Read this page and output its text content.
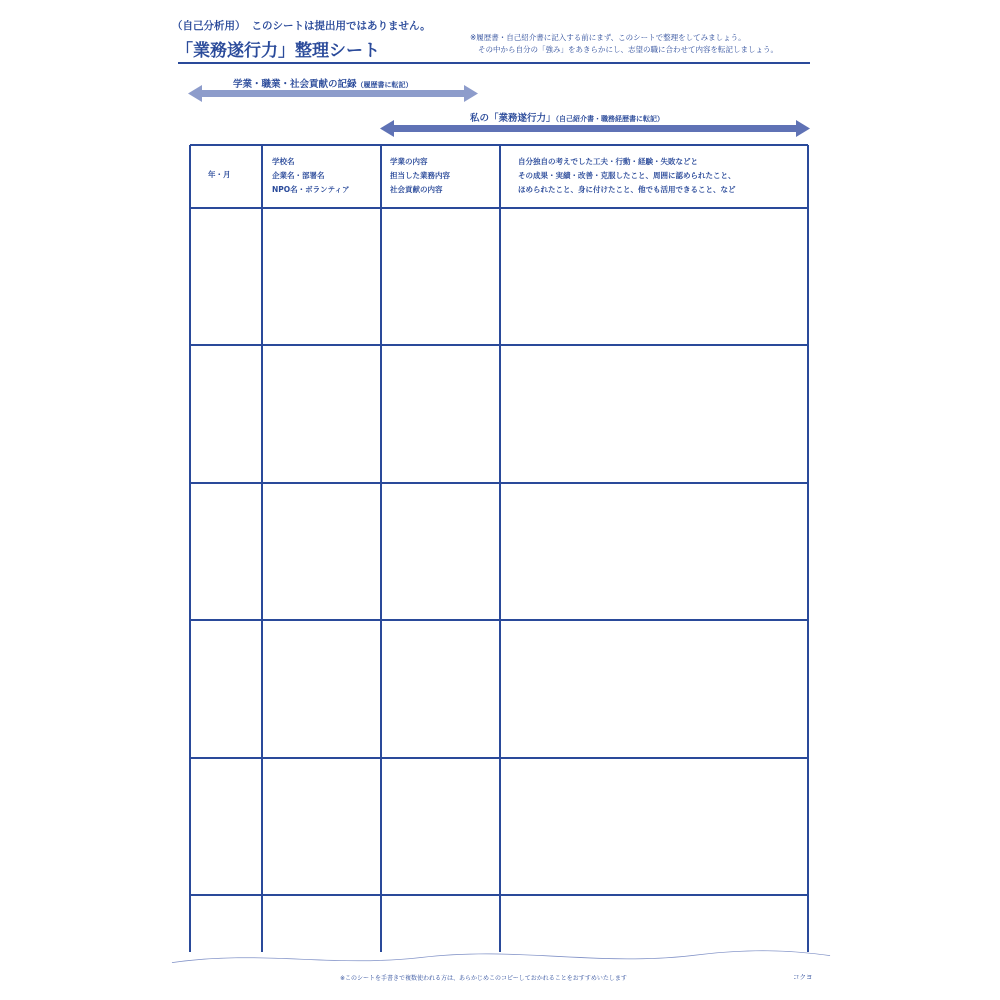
（自己分析用） このシートは提出用ではありません。
「業務遂行力」整理シート
※履歴書・自己紹介書に記入する前にまず、このシートで整理をしてみましょう。
その中から自分の「強み」をあきらかにし、志望の職に合わせて内容を転記しましょう。
学業・職業・社会貢献の記録（履歴書に転記）
私の「業務遂行力」（自己紹介書・職務経歴書に転記）
年・月
学校名
企業名・部署名
NPO名・ボランティア
学業の内容
担当した業務内容
社会貢献の内容
自分独自の考えでした工夫・行動・経験・失敗などと
その成果・実績・改善・克服したこと、周囲に認められたこと、
ほめられたこと、身に付けたこと、他でも活用できること、など
※このシートを手書きで複数使われる方は、あらかじめこのコピーしておかれることをおすすめいたします	コクヨ
